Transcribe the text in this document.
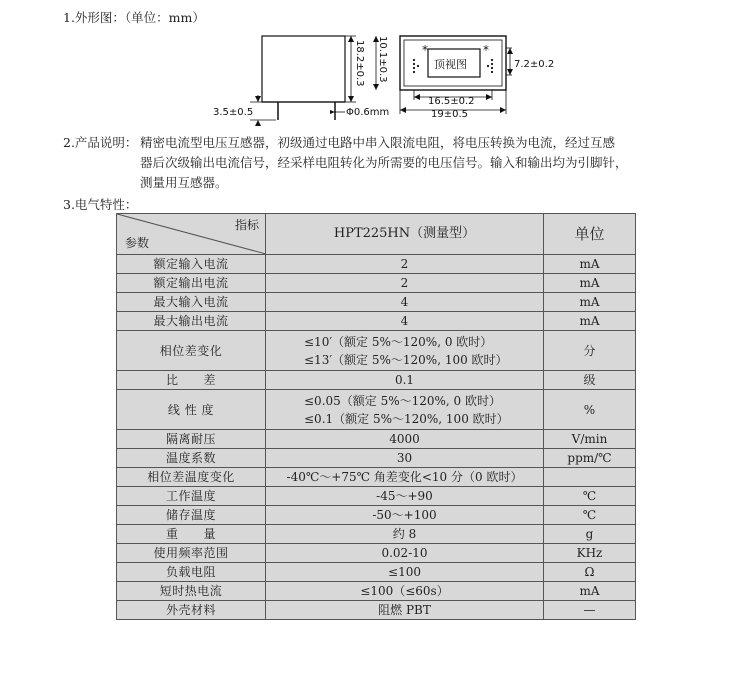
1.外形图：（单位：mm）
3.5±0.5	Φ0.6mm
18.2±0.3 10.1±0.3	顶视图
*	*
7.2±0.2
16.5±0.2
19±0.5
2.产品说明： 精密电流型电压互感器，初级通过电路中串入限流电阻，将电压转换为电流，经过互感
器后次级输出电流信号，经采样电阻转化为所需要的电压信号。输入和输出均为引脚针，
测量用互感器。
3.电气特性：
指标
参数	HPT225HN（测量型）	单位
额定输入电流	2	mA
额定输出电流	2	mA
最大输入电流	4	mA
最大输出电流	4	mA
相位差变化	≤10′（额定 5%～120%, 0 欧时）
≤13′（额定 5%～120%, 100 欧时）	分
比　　差	0.1	级
线 性 度	≤0.05（额定 5%～120%, 0 欧时）
≤0.1（额定 5%～120%, 100 欧时）	%
隔离耐压	4000	V/min
温度系数	30	ppm/℃
相位差温度变化	-40℃～+75℃ 角差变化<10 分（0 欧时）	

工作温度	-45～+90	℃
储存温度	-50～+100	℃
重　　量	约 8	g
使用频率范围	0.02-10	KHz
负载电阻	≤100	Ω
短时热电流	≤100（≤60s）	mA
外壳材料	阻燃 PBT	—
